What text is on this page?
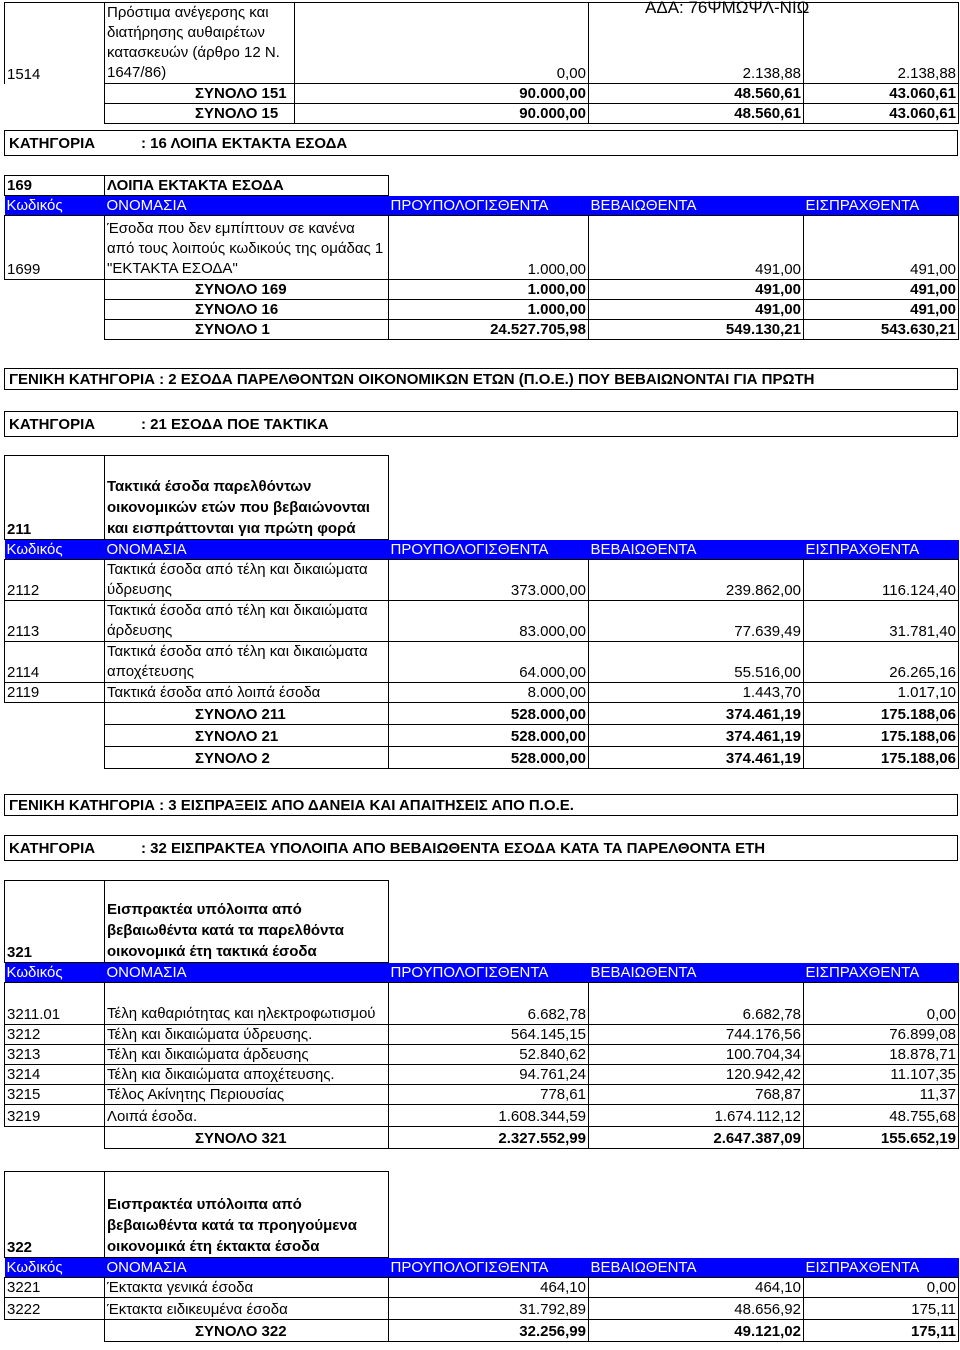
ΑΔΑ: 76ΨΜΩΨΛ-ΝΙΩ
1514	Πρόστιμα ανέγερσης και διατήρησης αυθαιρέτων κατασκευών (άρθρο 12 Ν. 1647/86)	0,00	2.138,88	2.138,88
	ΣΥΝΟΛΟ 151	90.000,00	48.560,61	43.060,61
	ΣΥΝΟΛΟ 15	90.000,00	48.560,61	43.060,61
ΚΑΤΗΓΟΡΙΑ	: 16 ΛΟΙΠΑ ΕΚΤΑΚΤΑ ΕΣΟΔΑ
169	ΛΟΙΠΑ ΕΚΤΑΚΤΑ ΕΣΟΔΑ			
Κωδικός	ΟΝΟΜΑΣΙΑ	ΠΡΟΥΠΟΛΟΓΙΣΘΕΝΤΑ	ΒΕΒΑΙΩΘΕΝΤΑ	ΕΙΣΠΡΑΧΘΕΝΤΑ
1699	Έσοδα που δεν εμπίπτουν σε κανένα από τους λοιπούς κωδικούς της ομάδας 1 "ΕΚΤΑΚΤΑ ΕΣΟΔΑ"	1.000,00	491,00	491,00
	ΣΥΝΟΛΟ 169	1.000,00	491,00	491,00
	ΣΥΝΟΛΟ 16	1.000,00	491,00	491,00
	ΣΥΝΟΛΟ 1	24.527.705,98	549.130,21	543.630,21
ΓΕΝΙΚΗ ΚΑΤΗΓΟΡΙΑ : 2 ΕΣΟΔΑ ΠΑΡΕΛΘΟΝΤΩΝ ΟΙΚΟΝΟΜΙΚΩΝ ΕΤΩΝ (Π.Ο.Ε.) ΠΟΥ ΒΕΒΑΙΩΝΟΝΤΑΙ ΓΙΑ ΠΡΩΤΗ
ΚΑΤΗΓΟΡΙΑ	: 21 ΕΣΟΔΑ ΠΟΕ ΤΑΚΤΙΚΑ
211	Τακτικά έσοδα παρελθόντων οικονομικών ετών που βεβαιώνονται και εισπράττονται για πρώτη φορά			
Κωδικός	ΟΝΟΜΑΣΙΑ	ΠΡΟΥΠΟΛΟΓΙΣΘΕΝΤΑ	ΒΕΒΑΙΩΘΕΝΤΑ	ΕΙΣΠΡΑΧΘΕΝΤΑ
2112	Τακτικά έσοδα από τέλη και δικαιώματα ύδρευσης	373.000,00	239.862,00	116.124,40
2113	Τακτικά έσοδα από τέλη και δικαιώματα άρδευσης	83.000,00	77.639,49	31.781,40
2114	Τακτικά έσοδα από τέλη και δικαιώματα αποχέτευσης	64.000,00	55.516,00	26.265,16
2119	Τακτικά έσοδα από λοιπά έσοδα	8.000,00	1.443,70	1.017,10
	ΣΥΝΟΛΟ 211	528.000,00	374.461,19	175.188,06
	ΣΥΝΟΛΟ 21	528.000,00	374.461,19	175.188,06
	ΣΥΝΟΛΟ 2	528.000,00	374.461,19	175.188,06
ΓΕΝΙΚΗ ΚΑΤΗΓΟΡΙΑ : 3 ΕΙΣΠΡΑΞΕΙΣ ΑΠΟ ΔΑΝΕΙΑ ΚΑΙ ΑΠΑΙΤΗΣΕΙΣ ΑΠΟ Π.Ο.Ε.
ΚΑΤΗΓΟΡΙΑ	: 32 ΕΙΣΠΡΑΚΤΕΑ ΥΠΟΛΟΙΠΑ ΑΠΟ ΒΕΒΑΙΩΘΕΝΤΑ ΕΣΟΔΑ ΚΑΤΑ ΤΑ ΠΑΡΕΛΘΟΝΤΑ ΕΤΗ
321	Εισπρακτέα υπόλοιπα από βεβαιωθέντα κατά τα παρελθόντα οικονομικά έτη τακτικά έσοδα			
Κωδικός	ΟΝΟΜΑΣΙΑ	ΠΡΟΥΠΟΛΟΓΙΣΘΕΝΤΑ	ΒΕΒΑΙΩΘΕΝΤΑ	ΕΙΣΠΡΑΧΘΕΝΤΑ
3211.01	Τέλη καθαριότητας και ηλεκτροφωτισμού	6.682,78	6.682,78	0,00
3212	Τέλη και δικαιώματα ύδρευσης.	564.145,15	744.176,56	76.899,08
3213	Τέλη και δικαιώματα άρδευσης	52.840,62	100.704,34	18.878,71
3214	Τέλη κια δικαιώματα αποχέτευσης.	94.761,24	120.942,42	11.107,35
3215	Τέλος Ακίνητης Περιουσίας	778,61	768,87	11,37
3219	Λοιπά έσοδα.	1.608.344,59	1.674.112,12	48.755,68
	ΣΥΝΟΛΟ 321	2.327.552,99	2.647.387,09	155.652,19
322	Εισπρακτέα υπόλοιπα από βεβαιωθέντα κατά τα προηγούμενα οικονομικά έτη έκτακτα έσοδα			
Κωδικός	ΟΝΟΜΑΣΙΑ	ΠΡΟΥΠΟΛΟΓΙΣΘΕΝΤΑ	ΒΕΒΑΙΩΘΕΝΤΑ	ΕΙΣΠΡΑΧΘΕΝΤΑ
3221	Έκτακτα γενικά έσοδα	464,10	464,10	0,00
3222	Έκτακτα ειδικευμένα έσοδα	31.792,89	48.656,92	175,11
	ΣΥΝΟΛΟ 322	32.256,99	49.121,02	175,11
